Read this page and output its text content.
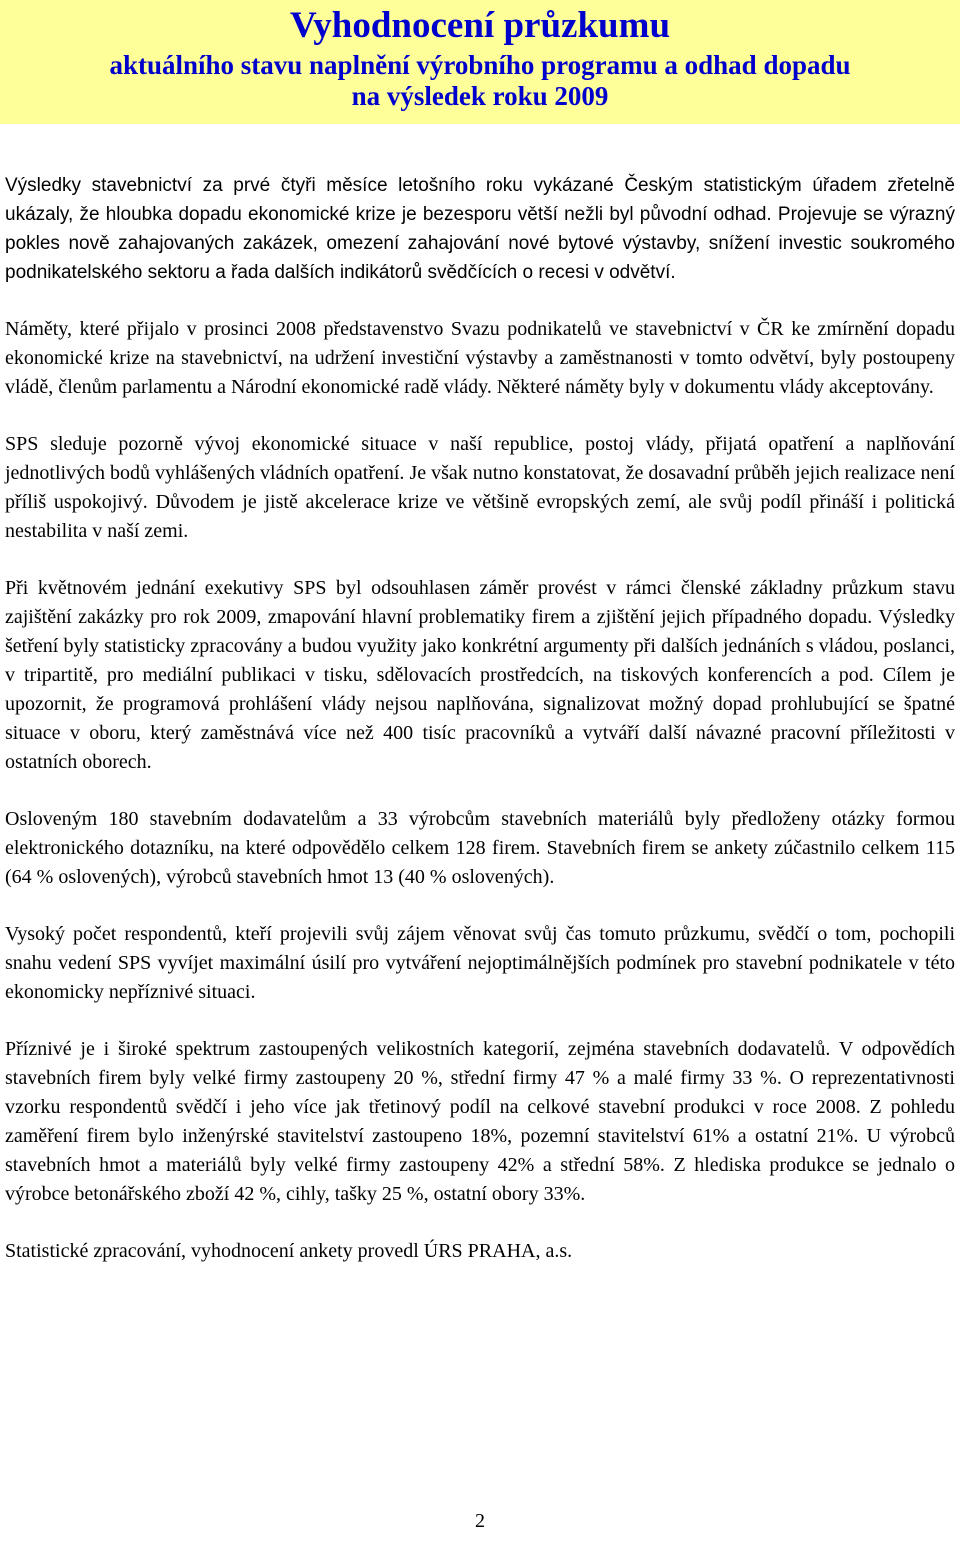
Vyhodnocení průzkumu
aktuálního stavu naplnění výrobního programu a odhad dopadu
na výsledek roku 2009

Výsledky stavebnictví za prvé čtyři měsíce letošního roku vykázané Českým statistickým úřadem zřetelně ukázaly, že hloubka dopadu ekonomické krize je bezesporu větší nežli byl původní odhad. Projevuje se výrazný pokles nově zahajovaných zakázek, omezení zahajování nové bytové výstavby, snížení investic soukromého podnikatelského sektoru a řada dalších indikátorů svědčících o recesi v odvětví.

Náměty, které přijalo v prosinci 2008 představenstvo Svazu podnikatelů ve stavebnictví v ČR ke zmírnění dopadu ekonomické krize na stavebnictví, na udržení investiční výstavby a zaměstnanosti v tomto odvětví, byly postoupeny vládě, členům parlamentu a Národní ekonomické radě vlády. Některé náměty byly v dokumentu vlády akceptovány.

SPS sleduje pozorně vývoj ekonomické situace v naší republice, postoj vlády, přijatá opatření a naplňování jednotlivých bodů vyhlášených vládních opatření. Je však nutno konstatovat, že dosavadní průběh jejich realizace není příliš uspokojivý. Důvodem je jistě akcelerace krize ve většině evropských zemí, ale svůj podíl přináší i politická nestabilita v naší zemi.

Při květnovém jednání exekutivy SPS byl odsouhlasen záměr provést v rámci členské základny průzkum stavu zajištění zakázky pro rok 2009, zmapování hlavní problematiky firem a zjištění jejich případného dopadu. Výsledky šetření byly statisticky zpracovány a budou využity jako konkrétní argumenty při dalších jednáních s vládou, poslanci, v tripartitě, pro mediální publikaci v tisku, sdělovacích prostředcích, na tiskových konferencích a pod. Cílem je upozornit, že programová prohlášení vlády nejsou naplňována, signalizovat možný dopad prohlubující se špatné situace v oboru, který zaměstnává více než 400 tisíc pracovníků a vytváří další návazné pracovní příležitosti v ostatních oborech.

Osloveným 180 stavebním dodavatelům a 33 výrobcům stavebních materiálů byly předloženy otázky formou elektronického dotazníku, na které odpovědělo celkem 128 firem. Stavebních firem se ankety zúčastnilo celkem 115 (64 % oslovených), výrobců stavebních hmot 13 (40 % oslovených).

Vysoký počet respondentů, kteří projevili svůj zájem věnovat svůj čas tomuto průzkumu, svědčí o tom, pochopili snahu vedení SPS vyvíjet maximální úsilí pro vytváření nejoptimálnějších podmínek pro stavební podnikatele v této ekonomicky nepříznivé situaci.

Příznivé je i široké spektrum zastoupených velikostních kategorií, zejména stavebních dodavatelů. V odpovědích stavebních firem byly velké firmy zastoupeny 20 %, střední firmy 47 % a malé firmy 33 %. O reprezentativnosti vzorku respondentů svědčí i jeho více jak třetinový podíl na celkové stavební produkci v roce 2008. Z pohledu zaměření firem bylo inženýrské stavitelství zastoupeno 18%, pozemní stavitelství 61% a ostatní 21%. U výrobců stavebních hmot a materiálů byly velké firmy zastoupeny 42% a střední 58%. Z hlediska produkce se jednalo o výrobce betonářského zboží 42 %, cihly, tašky 25 %, ostatní obory 33%.

Statistické zpracování, vyhodnocení ankety provedl ÚRS PRAHA, a.s.

2
